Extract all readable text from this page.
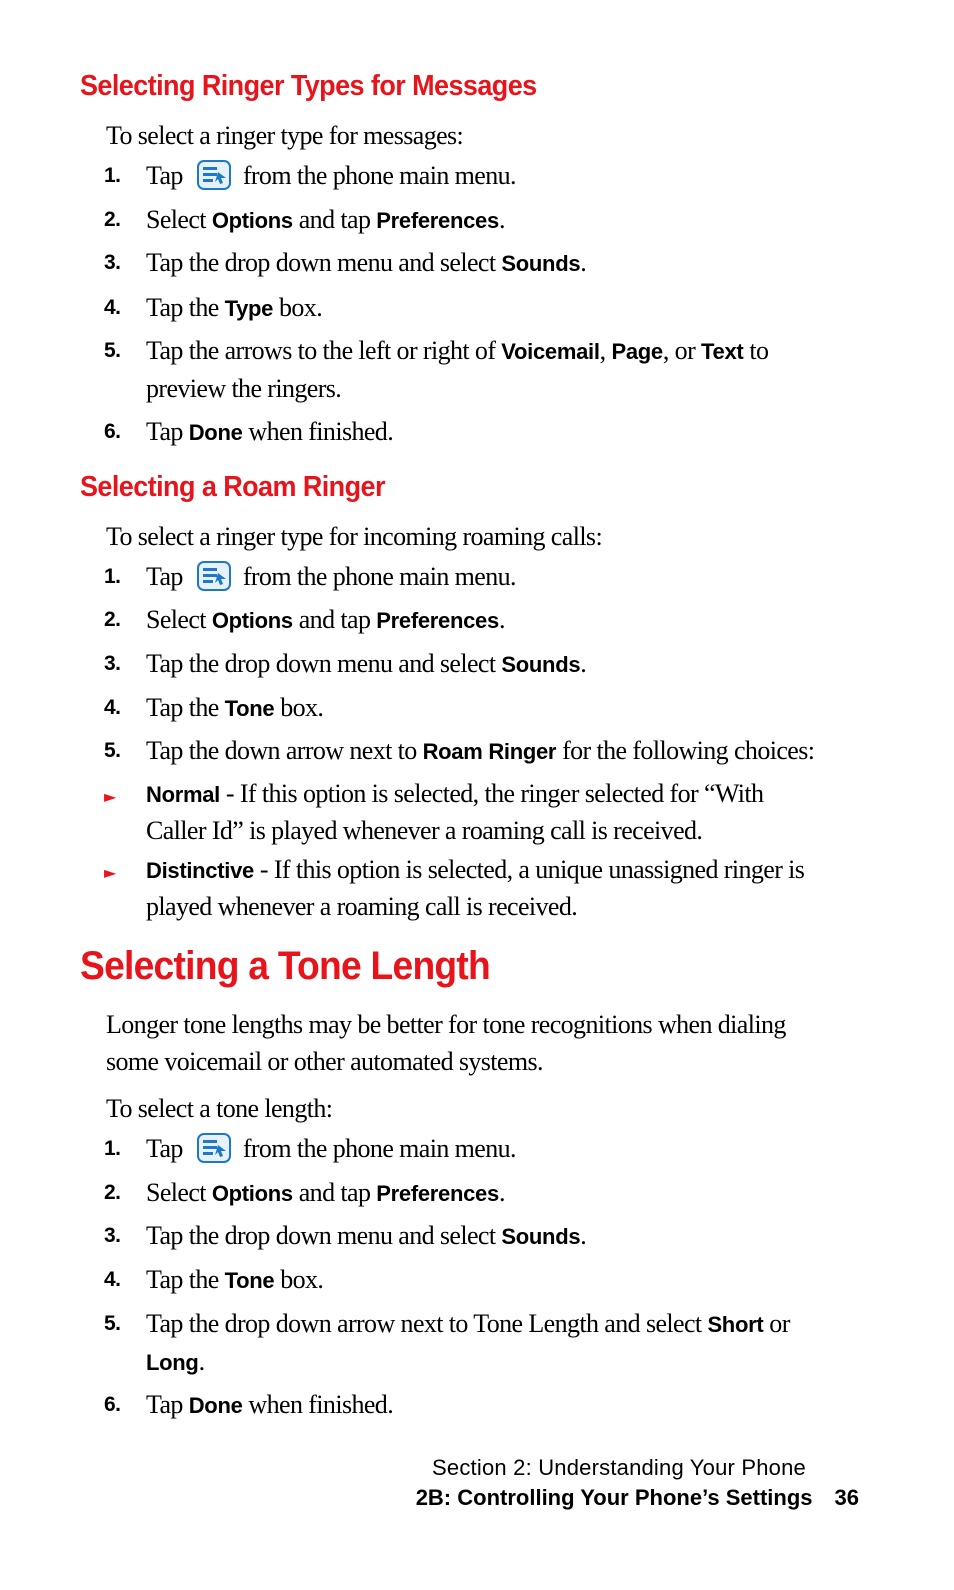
Selecting Ringer Types for Messages

To select a ringer type for messages:

1. Tap from the phone main menu.
2. Select Options and tap Preferences.
3. Tap the drop down menu and select Sounds.
4. Tap the Type box.
5. Tap the arrows to the left or right of Voicemail, Page, or Text to preview the ringers.
6. Tap Done when finished.
Selecting a Roam Ringer

To select a ringer type for incoming roaming calls:

1. Tap from the phone main menu.
2. Select Options and tap Preferences.
3. Tap the drop down menu and select Sounds.
4. Tap the Tone box.
5. Tap the down arrow next to Roam Ringer for the following choices:
► Normal - If this option is selected, the ringer selected for “With Caller Id” is played whenever a roaming call is received.
► Distinctive - If this option is selected, a unique unassigned ringer is played whenever a roaming call is received.
Selecting a Tone Length

Longer tone lengths may be better for tone recognitions when dialing some voicemail or other automated systems.

To select a tone length:

1. Tap from the phone main menu.
2. Select Options and tap Preferences.
3. Tap the drop down menu and select Sounds.
4. Tap the Tone box.
5. Tap the drop down arrow next to Tone Length and select Short or Long.
6. Tap Done when finished.
Section 2: Understanding Your Phone
2B: Controlling Your Phone’s Settings 36
